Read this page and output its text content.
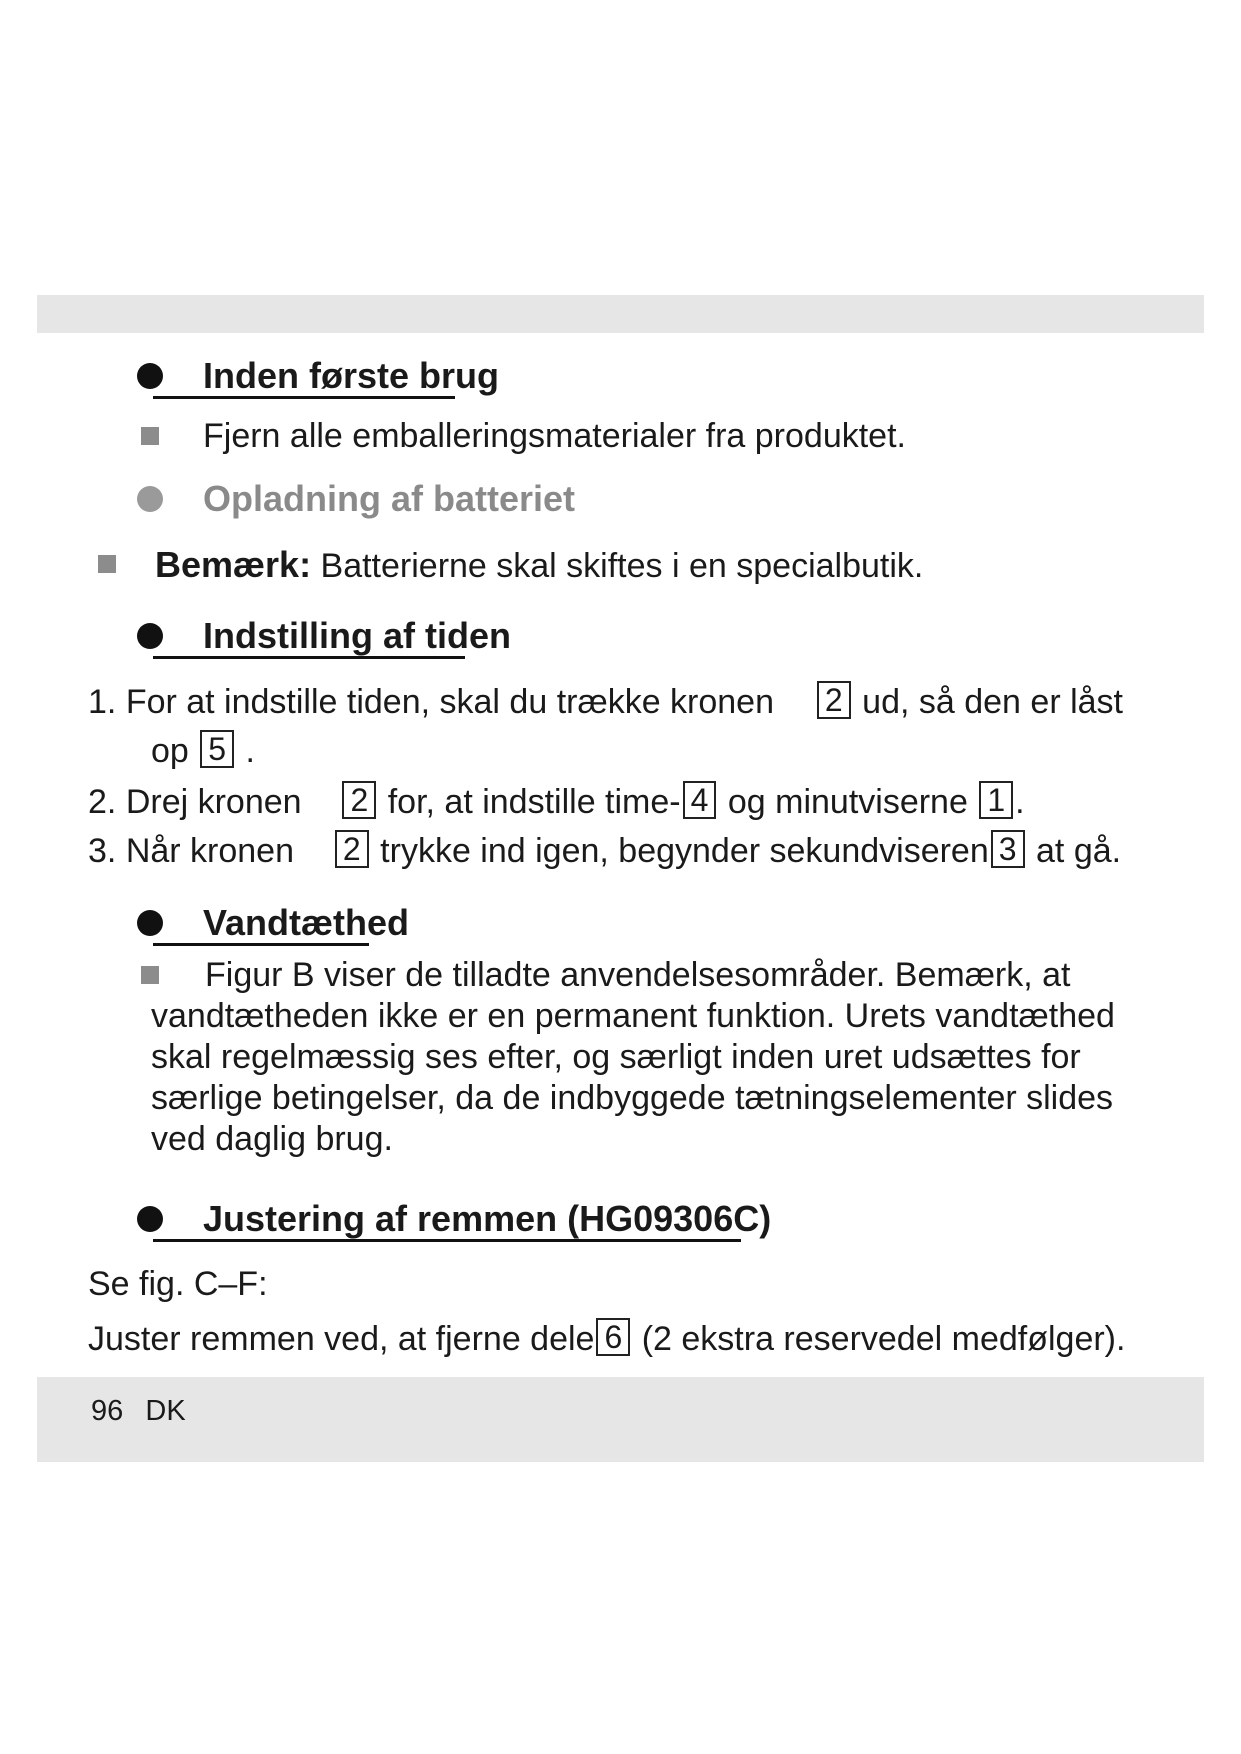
Inden første brug
Fjern alle emballeringsmaterialer fra produktet.
Opladning af batteriet
Bemærk: Batterierne skal skiftes i en specialbutik.
Indstilling af tiden
1. For at indstille tiden, skal du trække kronen 2 ud, så den er låst
op 5 .
2. Drej kronen 2 for, at indstille time- 4 og minutviserne 1 .
3. Når kronen 2 trykke ind igen, begynder sekundviseren 3 at gå.
Vandtæthed
Figur B viser de tilladte anvendelsesområder. Bemærk, at vandtætheden ikke er en permanent funktion. Urets vandtæthed skal regelmæssig ses efter, og særligt inden uret udsættes for særlige betingelser, da de indbyggede tætningselementer slides ved daglig brug.
Justering af remmen (HG09306C)
Se fig. C–F:
Juster remmen ved, at fjerne dele 6 (2 ekstra reservedel medfølger).
96 DK
